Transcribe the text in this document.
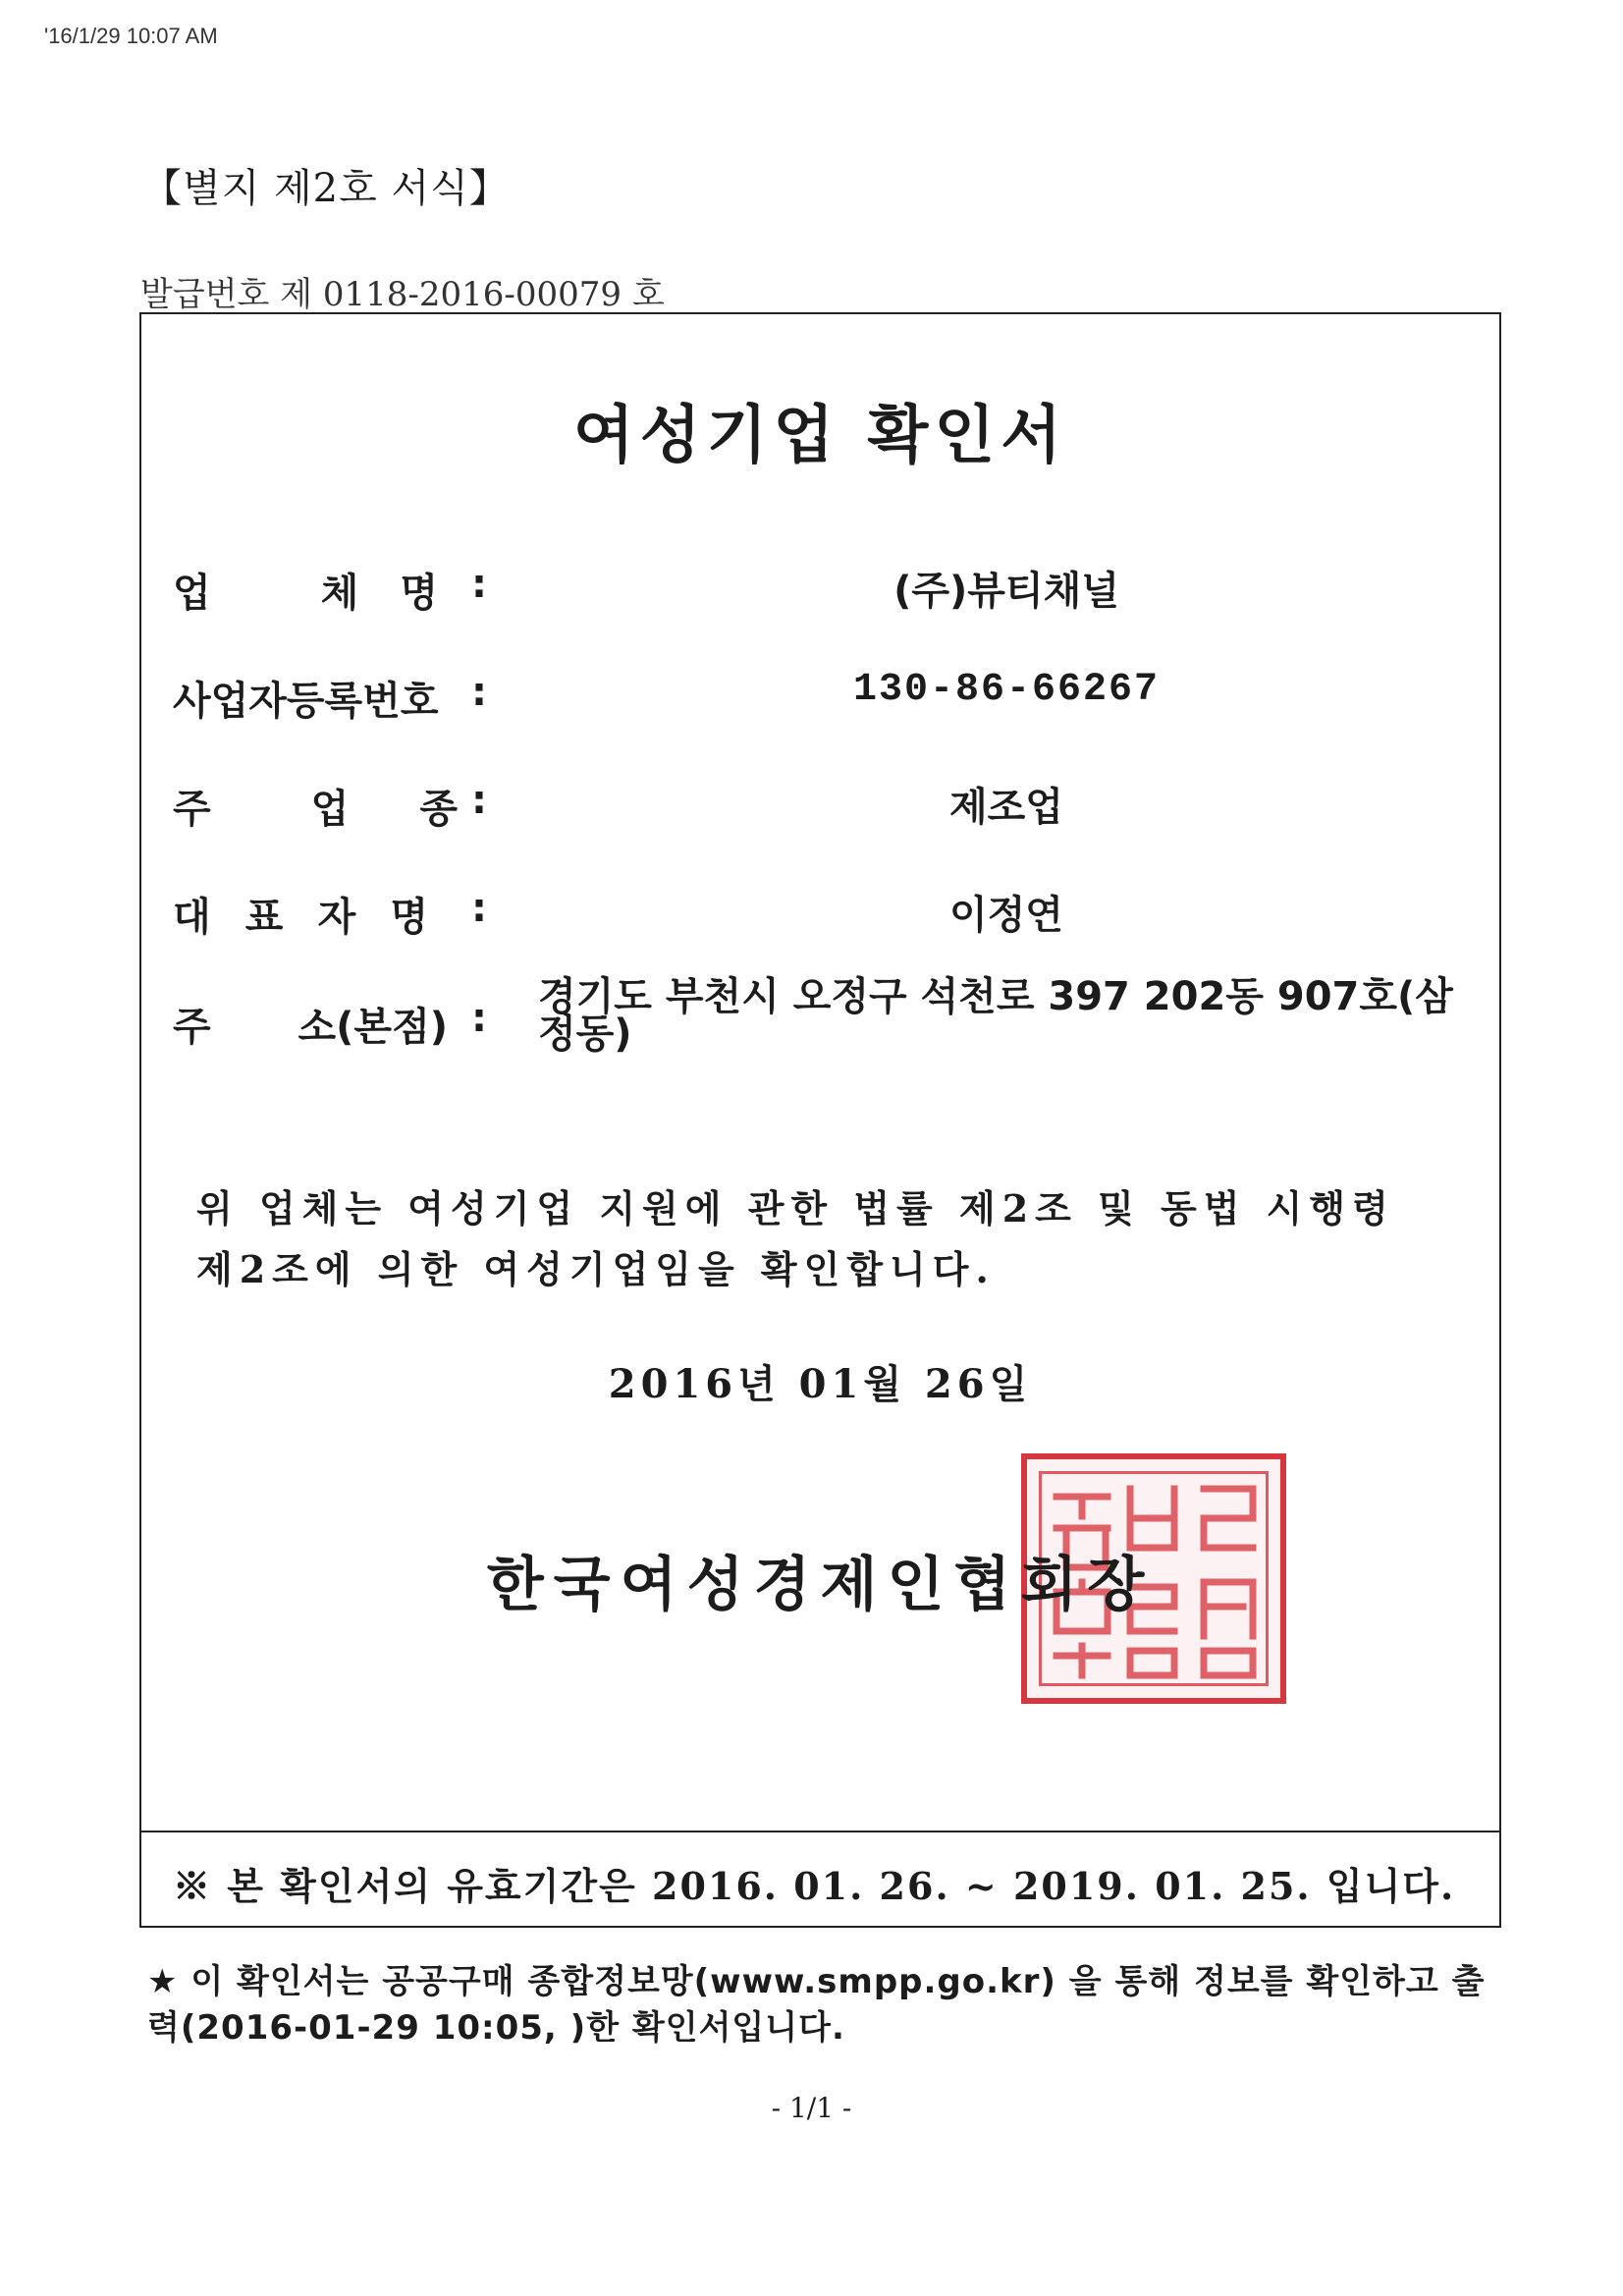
'16/1/29 10:07 AM
【별지 제2호 서식】
발급번호 제 0118-2016-00079 호
여성기업 확인서
업	체 명 :	(주)뷰티채널
사업자등록번호 :	130-86-66267
주	업 종 :	제조업
대 표 자 명 :	이정연
주 소(본점) : 경기도 부천시 오정구 석천로 397 202동 907호(삼정동)
위 업체는 여성기업 지원에 관한 법률 제2조 및 동법 시행령 제2조에 의한 여성기업임을 확인합니다.
2016년 01월 26일
한국여성경제인협회장
※ 본 확인서의 유효기간은 2016. 01. 26. ~ 2019. 01. 25. 입니다.
★ 이 확인서는 공공구매 종합정보망(www.smpp.go.kr) 을 통해 정보를 확인하고 출력(2016-01-29 10:05, )한 확인서입니다.
- 1/1 -
